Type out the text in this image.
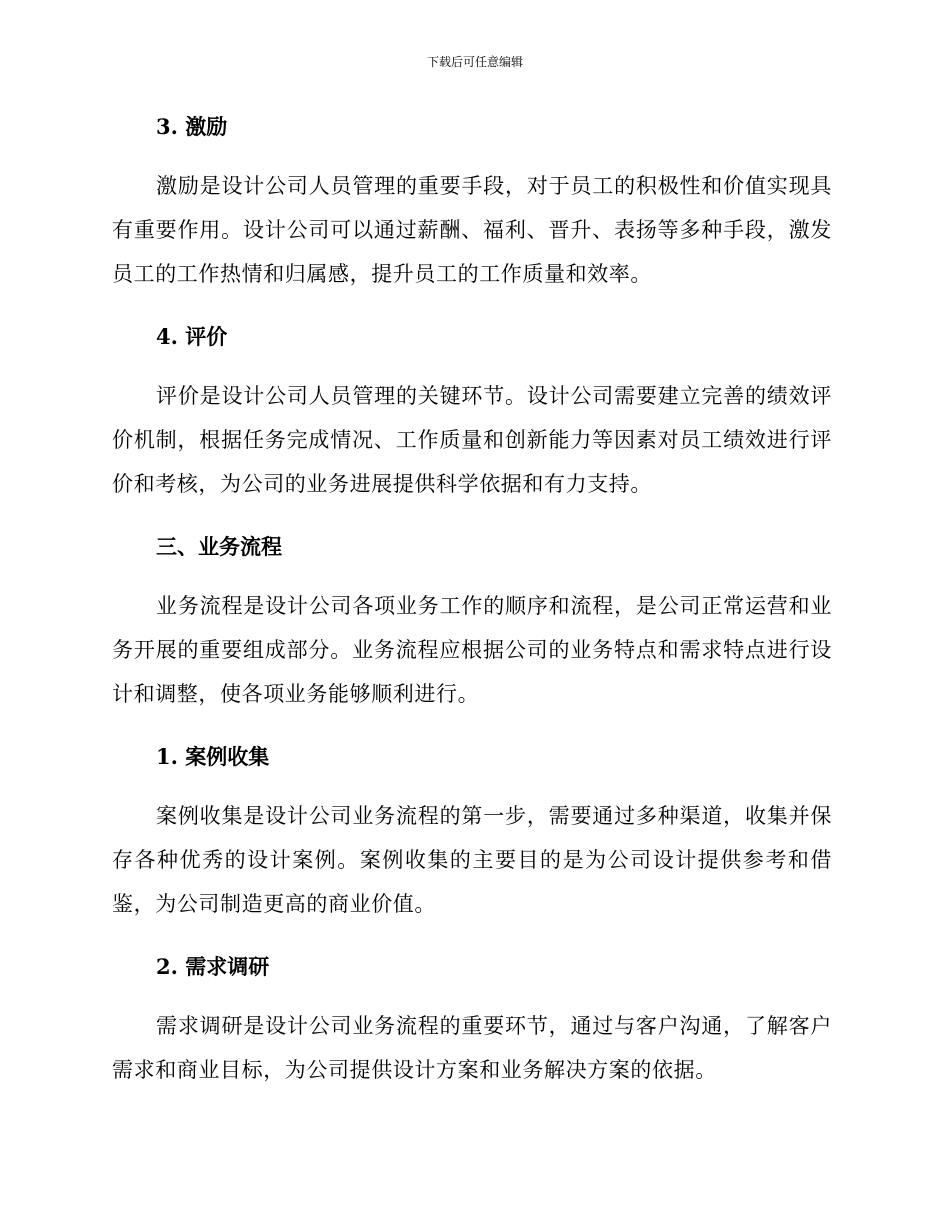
下载后可任意编辑
3. 激励

激励是设计公司人员管理的重要手段，对于员工的积极性和价值实现具有重要作用。设计公司可以通过薪酬、福利、晋升、表扬等多种手段，激发员工的工作热情和归属感，提升员工的工作质量和效率。

4. 评价

评价是设计公司人员管理的关键环节。设计公司需要建立完善的绩效评价机制，根据任务完成情况、工作质量和创新能力等因素对员工绩效进行评价和考核，为公司的业务进展提供科学依据和有力支持。

三、业务流程

业务流程是设计公司各项业务工作的顺序和流程，是公司正常运营和业务开展的重要组成部分。业务流程应根据公司的业务特点和需求特点进行设计和调整，使各项业务能够顺利进行。

1. 案例收集

案例收集是设计公司业务流程的第一步，需要通过多种渠道，收集并保存各种优秀的设计案例。案例收集的主要目的是为公司设计提供参考和借鉴，为公司制造更高的商业价值。

2. 需求调研

需求调研是设计公司业务流程的重要环节，通过与客户沟通，了解客户需求和商业目标，为公司提供设计方案和业务解决方案的依据。
